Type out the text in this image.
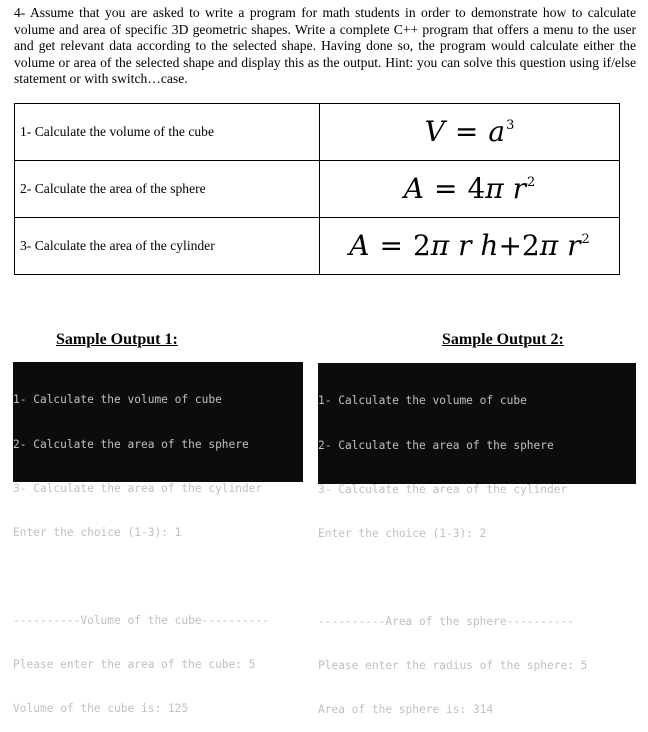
4- Assume that you are asked to write a program for math students in order to demonstrate how to calculate volume and area of specific 3D geometric shapes. Write a complete C++ program that offers a menu to the user and get relevant data according to the selected shape. Having done so, the program would calculate either the volume or area of the selected shape and display this as the output. Hint: you can solve this question using if/else statement or with switch…case.

1- Calculate the volume of the cube	$V = a^3$
2- Calculate the area of the sphere	A = 4π $r^2$
3- Calculate the area of the cylinder	A = 2π r h+2π $r^2$
Sample Output 1:	Sample Output 2:

1- Calculate the volume of cube

2- Calculate the area of the sphere

3- Calculate the area of the cylinder

Enter the choice (1-3): 1

----------Volume of the cube----------

Please enter the area of the cube: 5

Volume of the cube is: 125

1- Calculate the volume of cube

2- Calculate the area of the sphere

3- Calculate the area of the cylinder

Enter the choice (1-3): 2

----------Area of the sphere----------

Please enter the radius of the sphere: 5

Area of the sphere is: 314
